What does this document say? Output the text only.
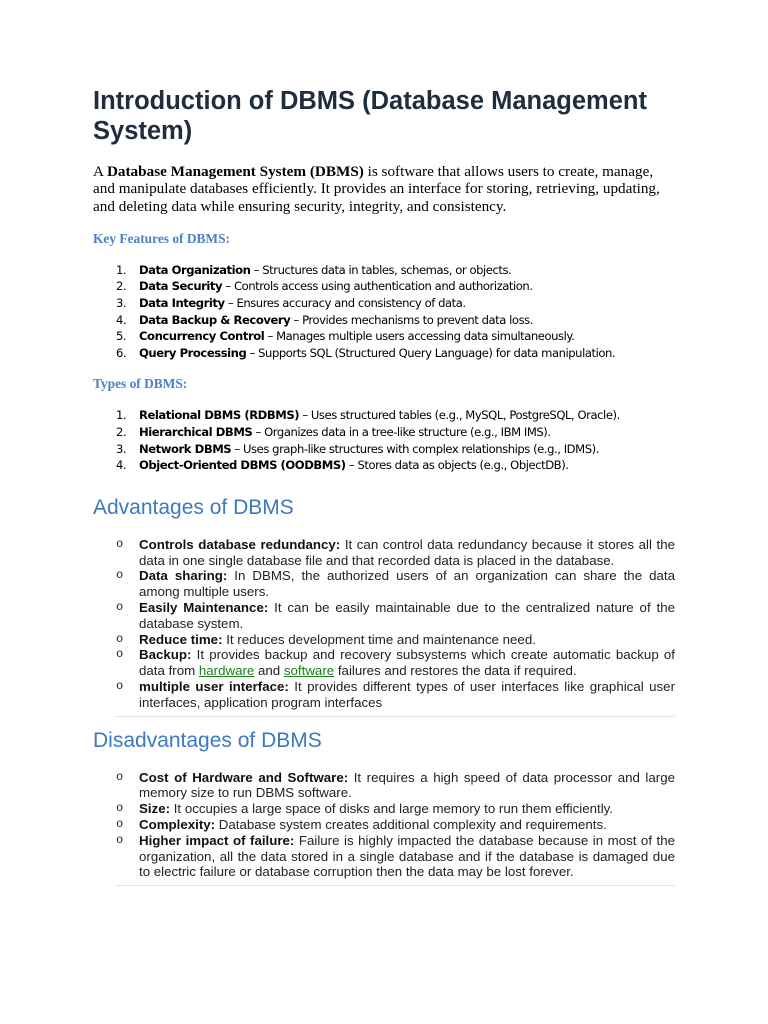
Introduction of DBMS (Database Management System)

A Database Management System (DBMS) is software that allows users to create, manage, and manipulate databases efficiently. It provides an interface for storing, retrieving, updating, and deleting data while ensuring security, integrity, and consistency.

Key Features of DBMS:
1.	Data Organization – Structures data in tables, schemas, or objects.
2.	Data Security – Controls access using authentication and authorization.
3.	Data Integrity – Ensures accuracy and consistency of data.
4.	Data Backup & Recovery – Provides mechanisms to prevent data loss.
5.	Concurrency Control – Manages multiple users accessing data simultaneously.
6.	Query Processing – Supports SQL (Structured Query Language) for data manipulation.
Types of DBMS:
1.	Relational DBMS (RDBMS) – Uses structured tables (e.g., MySQL, PostgreSQL, Oracle).
2.	Hierarchical DBMS – Organizes data in a tree-like structure (e.g., IBM IMS).
3.	Network DBMS – Uses graph-like structures with complex relationships (e.g., IDMS).
4.	Object-Oriented DBMS (OODBMS) – Stores data as objects (e.g., ObjectDB).
Advantages of DBMS
o Controls database redundancy: It can control data redundancy because it stores all the data in one single database file and that recorded data is placed in the database.
o Data sharing: In DBMS, the authorized users of an organization can share the data among multiple users.
o Easily Maintenance: It can be easily maintainable due to the centralized nature of the database system.
o Reduce time: It reduces development time and maintenance need.
o Backup: It provides backup and recovery subsystems which create automatic backup of data from hardware and software failures and restores the data if required.
o multiple user interface: It provides different types of user interfaces like graphical user interfaces, application program interfaces
Disadvantages of DBMS
o Cost of Hardware and Software: It requires a high speed of data processor and large memory size to run DBMS software.
o Size: It occupies a large space of disks and large memory to run them efficiently.
o Complexity: Database system creates additional complexity and requirements.
o Higher impact of failure: Failure is highly impacted the database because in most of the organization, all the data stored in a single database and if the database is damaged due to electric failure or database corruption then the data may be lost forever.
